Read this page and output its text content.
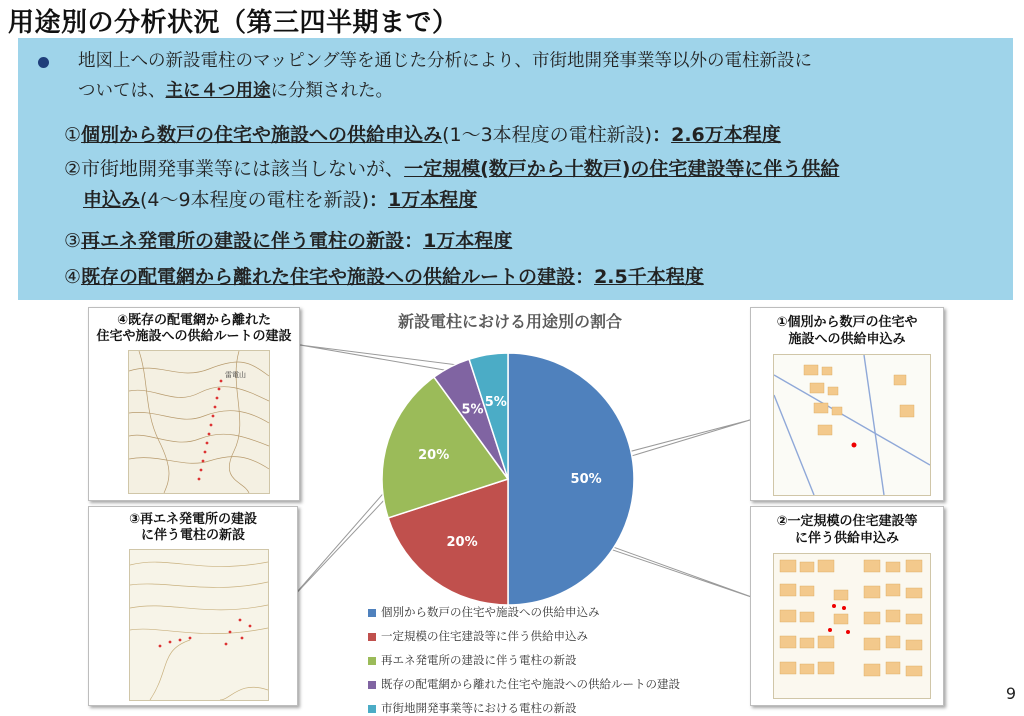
用途別の分析状況（第三四半期まで）
地図上への新設電柱のマッピング等を通じた分析により、市街地開発事業等以外の電柱新設に
ついては、主に４つ用途に分類された。
①個別から数戸の住宅や施設への供給申込み(1～3本程度の電柱新設)：2.6万本程度
②市街地開発事業等には該当しないが、一定規模(数戸から十数戸)の住宅建設等に伴う供給
申込み(4～9本程度の電柱を新設)：1万本程度
③再エネ発電所の建設に伴う電柱の新設：1万本程度
④既存の配電網から離れた住宅や施設への供給ルートの建設：2.5千本程度
④既存の配電網から離れた
住宅や施設への供給ルートの建設
雷電山
③再エネ発電所の建設
に伴う電柱の新設
①個別から数戸の住宅や
施設への供給申込み
②一定規模の住宅建設等
に伴う供給申込み
新設電柱における用途別の割合
50%
20%
20%
5%
5%
個別から数戸の住宅や施設への供給申込み
一定規模の住宅建設等に伴う供給申込み
再エネ発電所の建設に伴う電柱の新設
既存の配電網から離れた住宅や施設への供給ルートの建設
市街地開発事業等における電柱の新設
9
